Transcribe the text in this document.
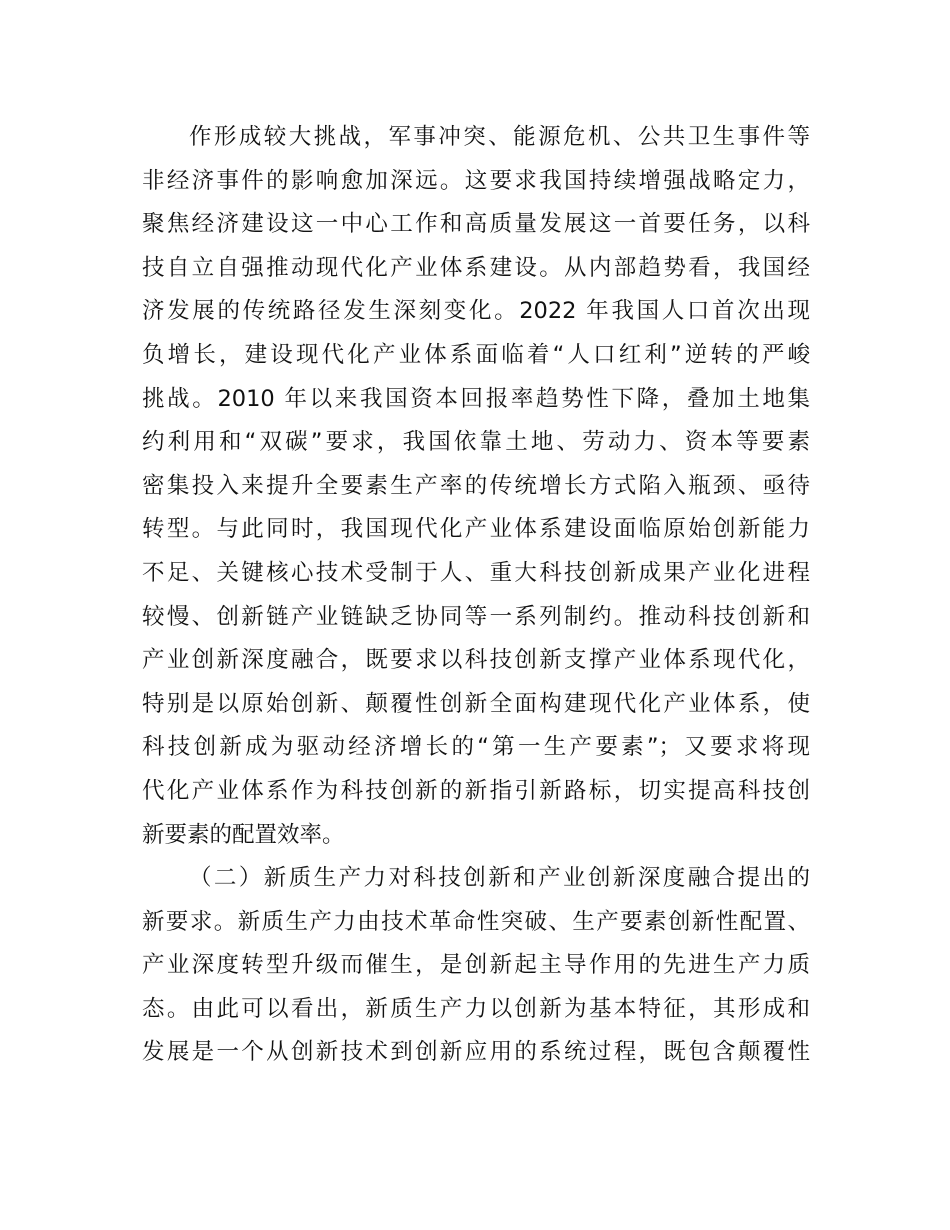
作形成较大挑战，军事冲突、能源危机、公共卫生事件等
非经济事件的影响愈加深远。这要求我国持续增强战略定力，
聚焦经济建设这一中心工作和高质量发展这一首要任务，以科
技自立自强推动现代化产业体系建设。从内部趋势看，我国经
济发展的传统路径发生深刻变化。2022 年我国人口首次出现
负增长，建设现代化产业体系面临着“人口红利”逆转的严峻
挑战。2010 年以来我国资本回报率趋势性下降，叠加土地集
约利用和“双碳”要求，我国依靠土地、劳动力、资本等要素
密集投入来提升全要素生产率的传统增长方式陷入瓶颈、亟待
转型。与此同时，我国现代化产业体系建设面临原始创新能力
不足、关键核心技术受制于人、重大科技创新成果产业化进程
较慢、创新链产业链缺乏协同等一系列制约。推动科技创新和
产业创新深度融合，既要求以科技创新支撑产业体系现代化，
特别是以原始创新、颠覆性创新全面构建现代化产业体系，使
科技创新成为驱动经济增长的“第一生产要素”；又要求将现
代化产业体系作为科技创新的新指引新路标，切实提高科技创
新要素的配置效率。
（二）新质生产力对科技创新和产业创新深度融合提出的
新要求。新质生产力由技术革命性突破、生产要素创新性配置、
产业深度转型升级而催生，是创新起主导作用的先进生产力质
态。由此可以看出，新质生产力以创新为基本特征，其形成和
发展是一个从创新技术到创新应用的系统过程，既包含颠覆性
